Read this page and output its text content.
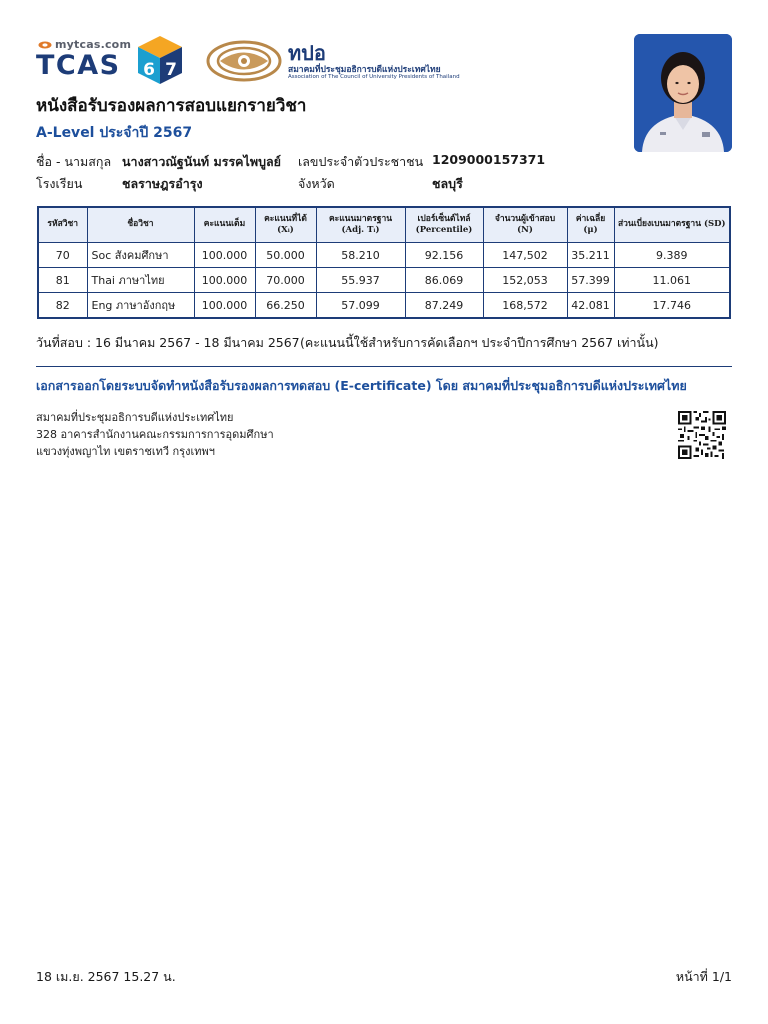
mytcas.com
TCAS 6 7
ทปอ
สมาคมที่ประชุมอธิการบดีแห่งประเทศไทย
Association of The Council of University Presidents of Thailand
หนังสือรับรองผลการสอบแยกรายวิชา
A-Level ประจำปี 2567
ชื่อ - นามสกุล นางสาวณัฐนันท์ มรรคไพบูลย์ เลขประจำตัวประชาชน 1209000157371
โรงเรียน	ชลราษฎรอำรุง	จังหวัด	ชลบุรี
รหัสวิชา	ชื่อวิชา	คะแนนเต็ม	คะแนนที่ได้ (Xᵢ)	คะแนนมาตรฐาน (Adj. Tᵢ)	เปอร์เซ็นต์ไทล์ (Percentile)	จำนวนผู้เข้าสอบ (N)	ค่าเฉลี่ย (μ)	ส่วนเบี่ยงเบนมาตรฐาน (SD)
70	Soc สังคมศึกษา	100.000	50.000	58.210	92.156	147,502	35.211	9.389
81	Thai ภาษาไทย	100.000	70.000	55.937	86.069	152,053	57.399	11.061
82	Eng ภาษาอังกฤษ	100.000	66.250	57.099	87.249	168,572	42.081	17.746
วันที่สอบ : 16 มีนาคม 2567 - 18 มีนาคม 2567 (คะแนนนี้ใช้สำหรับการคัดเลือกฯ ประจำปีการศึกษา 2567 เท่านั้น)
เอกสารออกโดยระบบจัดทำหนังสือรับรองผลการทดสอบ (E-certificate) โดย สมาคมที่ประชุมอธิการบดีแห่งประเทศไทย
สมาคมที่ประชุมอธิการบดีแห่งประเทศไทย
328 อาคารสำนักงานคณะกรรมการการอุดมศึกษา
แขวงทุ่งพญาไท เขตราชเทวี กรุงเทพฯ
18 เม.ย. 2567 15.27 น.	หน้าที่ 1/1
